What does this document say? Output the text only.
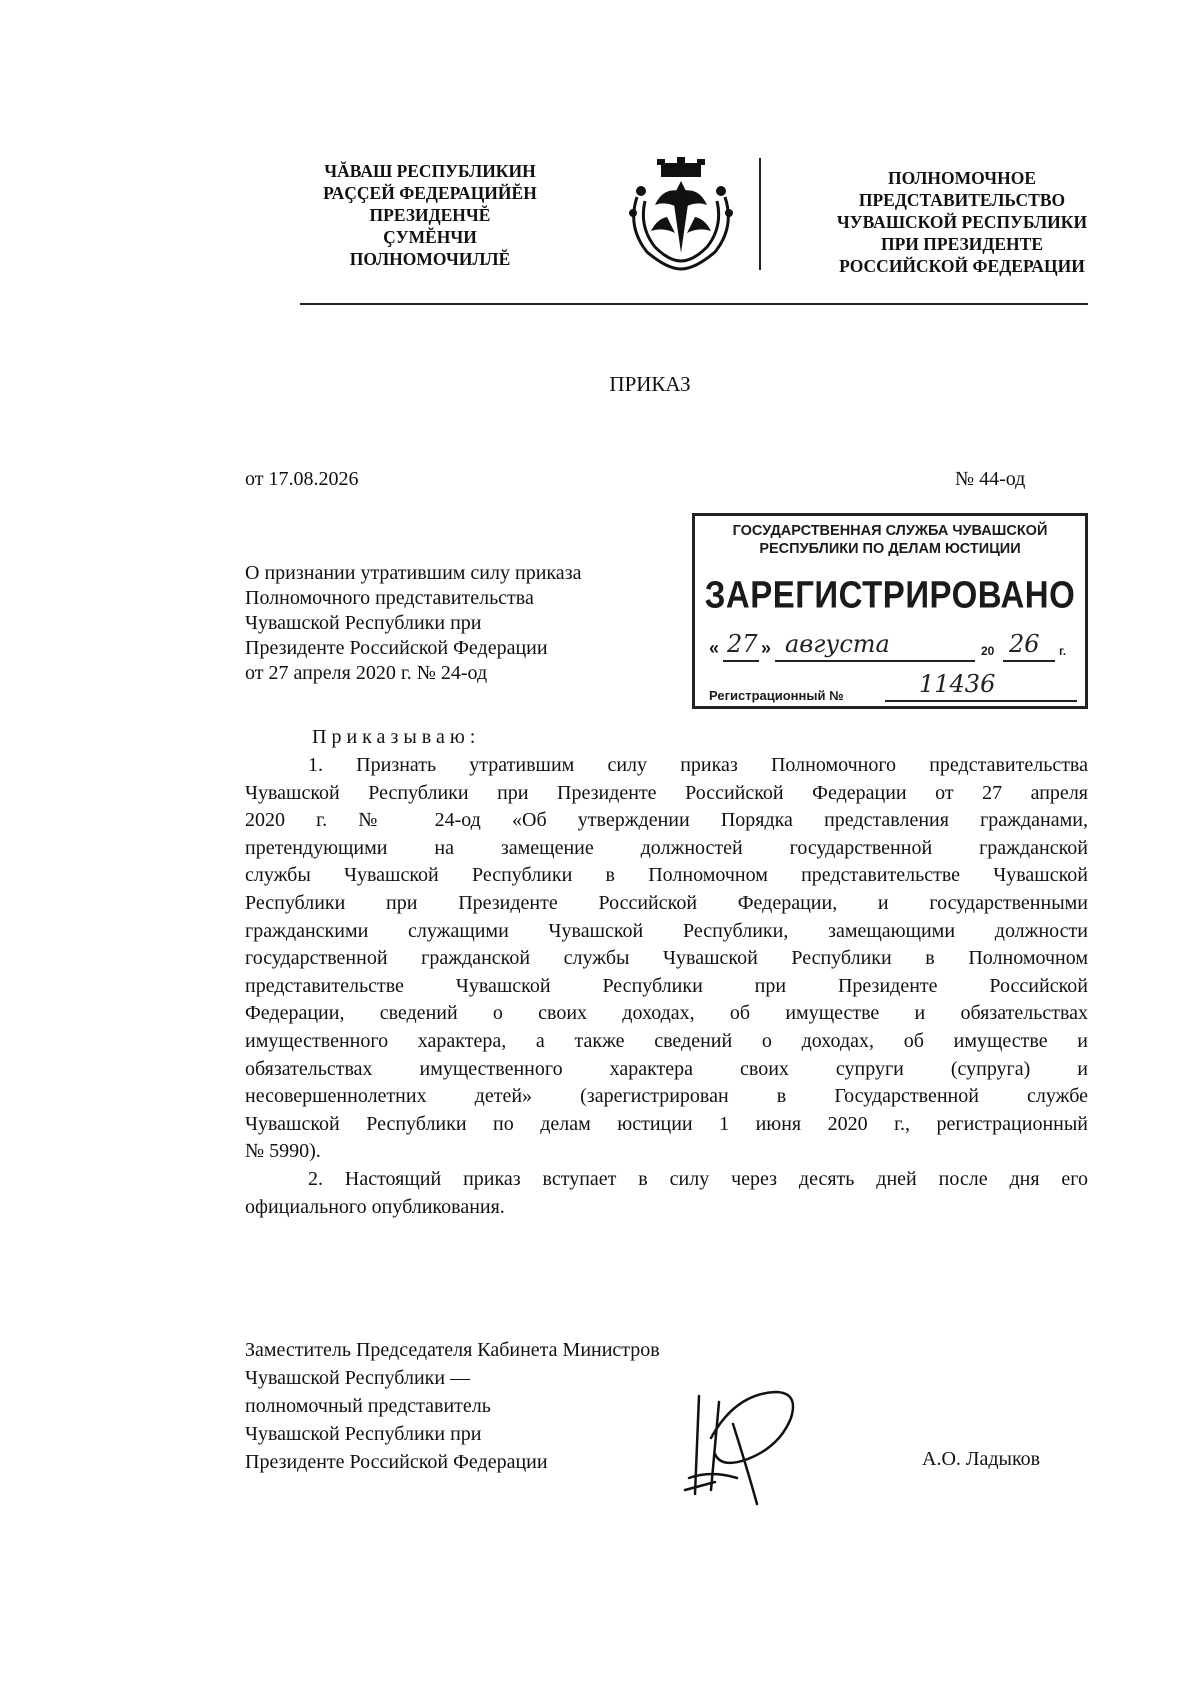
ЧĂВАШ РЕСПУБЛИКИН
РАҪҪЕЙ ФЕДЕРАЦИЙĔН
ПРЕЗИДЕНЧĔ
ҪУМĔНЧИ
ПОЛНОМОЧИЛЛĔ
ПОЛНОМОЧНОЕ
ПРЕДСТАВИТЕЛЬСТВО
ЧУВАШСКОЙ РЕСПУБЛИКИ
ПРИ ПРЕЗИДЕНТЕ
РОССИЙСКОЙ ФЕДЕРАЦИИ
ПРИКАЗ
от 17.08.2026	№ 44-од
О признании утратившим силу приказа
Полномочного представительства
Чувашской Республики при
Президенте Российской Федерации
от 27 апреля 2020 г. № 24-од
ГОСУДАРСТВЕННАЯ СЛУЖБА ЧУВАШСКОЙ
РЕСПУБЛИКИ ПО ДЕЛАМ ЮСТИЦИИ
ЗАРЕГИСТРИРОВАНО
« 27 » августа	20 26 г.
Регистрационный №	11436
Приказываю:
1. Признать утратившим силу приказ Полномочного представительства
Чувашской Республики при Президенте Российской Федерации от 27 апреля
2020 г. № 24-од «Об утверждении Порядка представления гражданами,
претендующими на замещение должностей государственной гражданской
службы Чувашской Республики в Полномочном представительстве Чувашской
Республики при Президенте Российской Федерации, и государственными
гражданскими служащими Чувашской Республики, замещающими должности
государственной гражданской службы Чувашской Республики в Полномочном
представительстве Чувашской Республики при Президенте Российской
Федерации, сведений о своих доходах, об имуществе и обязательствах
имущественного характера, а также сведений о доходах, об имуществе и
обязательствах имущественного характера своих супруги (супруга) и
несовершеннолетних детей» (зарегистрирован в Государственной службе
Чувашской Республики по делам юстиции 1 июня 2020 г., регистрационный
№ 5990).
2. Настоящий приказ вступает в силу через десять дней после дня его
официального опубликования.
Заместитель Председателя Кабинета Министров
Чувашской Республики —
полномочный представитель
Чувашской Республики при
Президенте Российской Федерации	А.О. Ладыков
